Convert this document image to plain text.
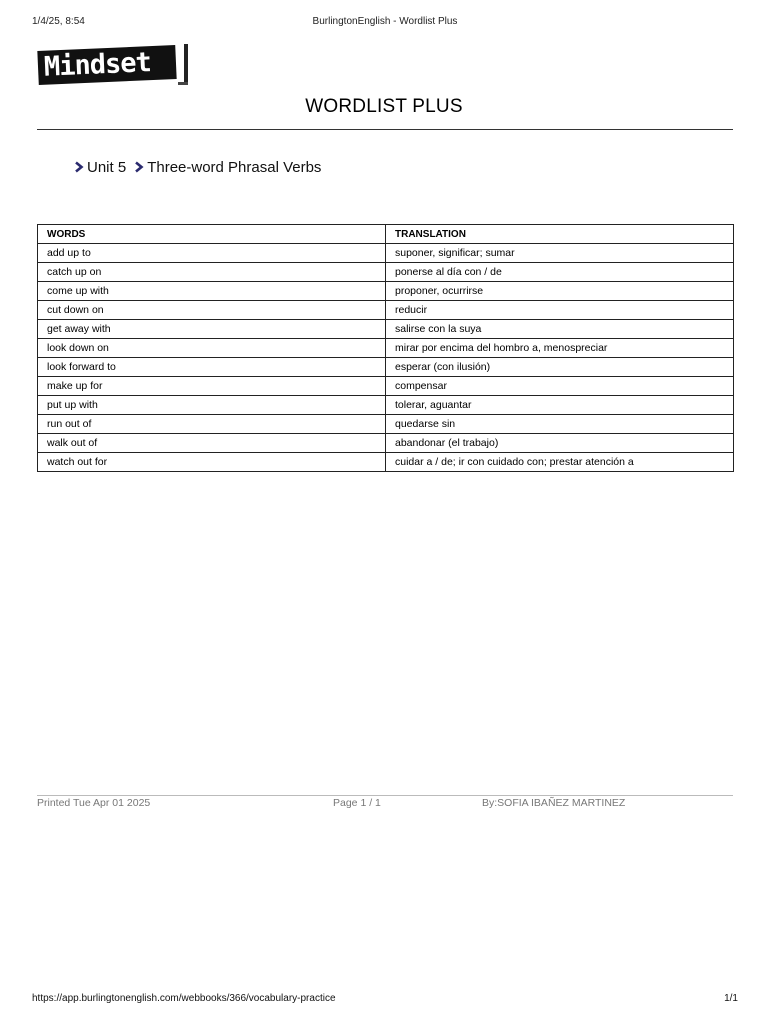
1/4/25, 8:54	BurlingtonEnglish - Wordlist Plus
Mindset
WORDLIST PLUS
Unit 5 Three-word Phrasal Verbs
WORDS	TRANSLATION
add up to	suponer, significar; sumar
catch up on	ponerse al día con / de
come up with	proponer, ocurrirse
cut down on	reducir
get away with	salirse con la suya
look down on	mirar por encima del hombro a, menospreciar
look forward to	esperar (con ilusión)
make up for	compensar
put up with	tolerar, aguantar
run out of	quedarse sin
walk out of	abandonar (el trabajo)
watch out for	cuidar a / de; ir con cuidado con; prestar atención a
Printed Tue Apr 01 2025	Page 1 / 1	By:SOFIA IBAÑEZ MARTINEZ
https://app.burlingtonenglish.com/webbooks/366/vocabulary-practice	1/1
